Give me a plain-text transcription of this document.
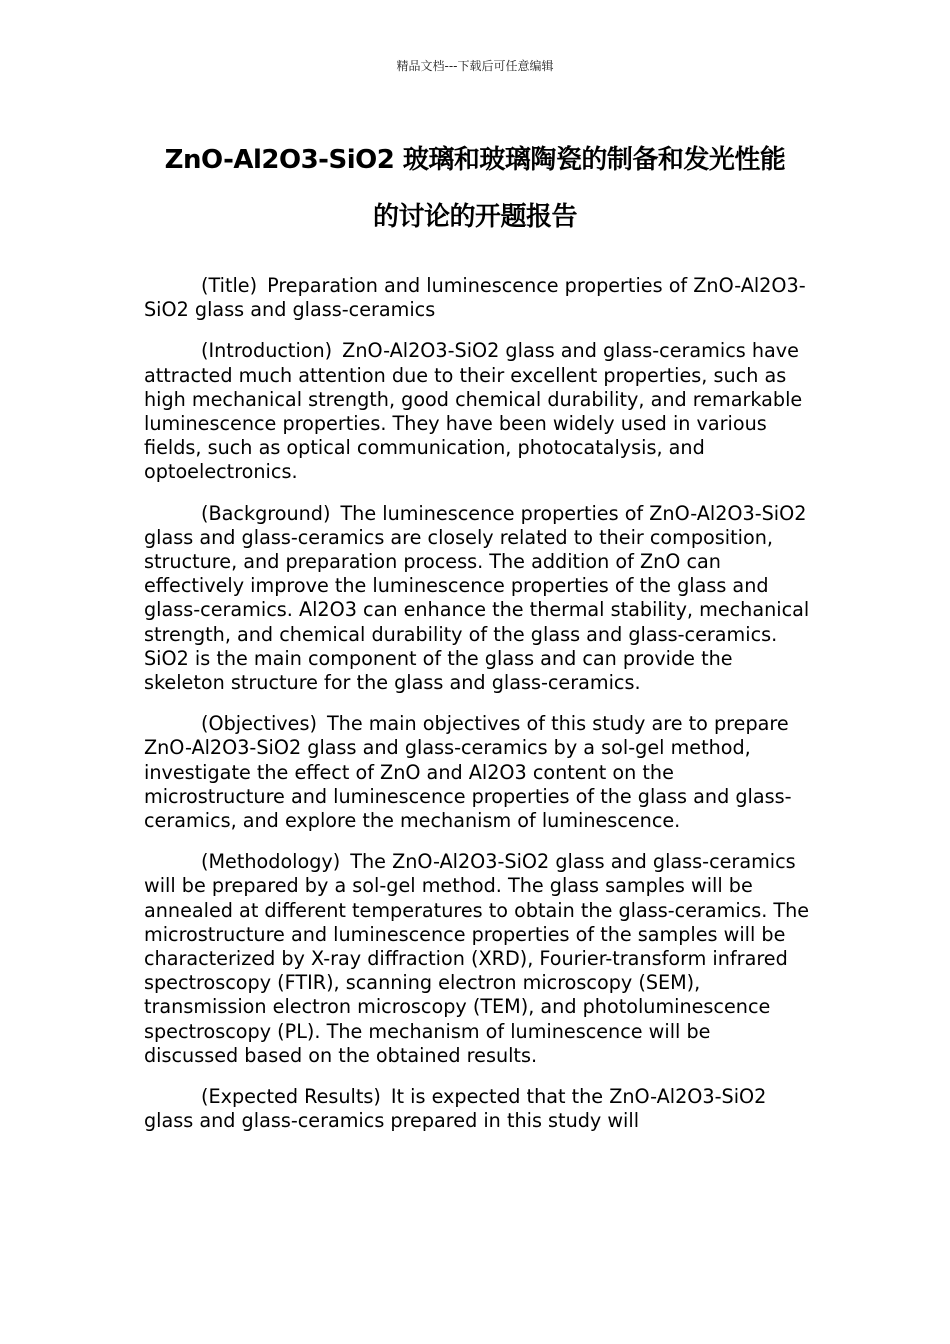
精品文档---下载后可任意编辑
ZnO-Al2O3-SiO2 玻璃和玻璃陶瓷的制备和发光性能
的讨论的开题报告

(Title) Preparation and luminescence properties of ZnO-Al2O3-SiO2 glass and glass-ceramics

(Introduction) ZnO-Al2O3-SiO2 glass and glass-ceramics have attracted much attention due to their excellent properties, such as high mechanical strength, good chemical durability, and remarkable luminescence properties. They have been widely used in various fields, such as optical communication, photocatalysis, and optoelectronics.

(Background) The luminescence properties of ZnO-Al2O3-SiO2 glass and glass-ceramics are closely related to their composition, structure, and preparation process. The addition of ZnO can effectively improve the luminescence properties of the glass and glass-ceramics. Al2O3 can enhance the thermal stability, mechanical strength, and chemical durability of the glass and glass-ceramics. SiO2 is the main component of the glass and can provide the skeleton structure for the glass and glass-ceramics.

(Objectives) The main objectives of this study are to prepare ZnO-Al2O3-SiO2 glass and glass-ceramics by a sol-gel method, investigate the effect of ZnO and Al2O3 content on the microstructure and luminescence properties of the glass and glass-ceramics, and explore the mechanism of luminescence.

(Methodology) The ZnO-Al2O3-SiO2 glass and glass-ceramics will be prepared by a sol-gel method. The glass samples will be annealed at different temperatures to obtain the glass-ceramics. The microstructure and luminescence properties of the samples will be characterized by X-ray diffraction (XRD), Fourier-transform infrared spectroscopy (FTIR), scanning electron microscopy (SEM), transmission electron microscopy (TEM), and photoluminescence spectroscopy (PL). The mechanism of luminescence will be discussed based on the obtained results.

(Expected Results) It is expected that the ZnO-Al2O3-SiO2 glass and glass-ceramics prepared in this study will
